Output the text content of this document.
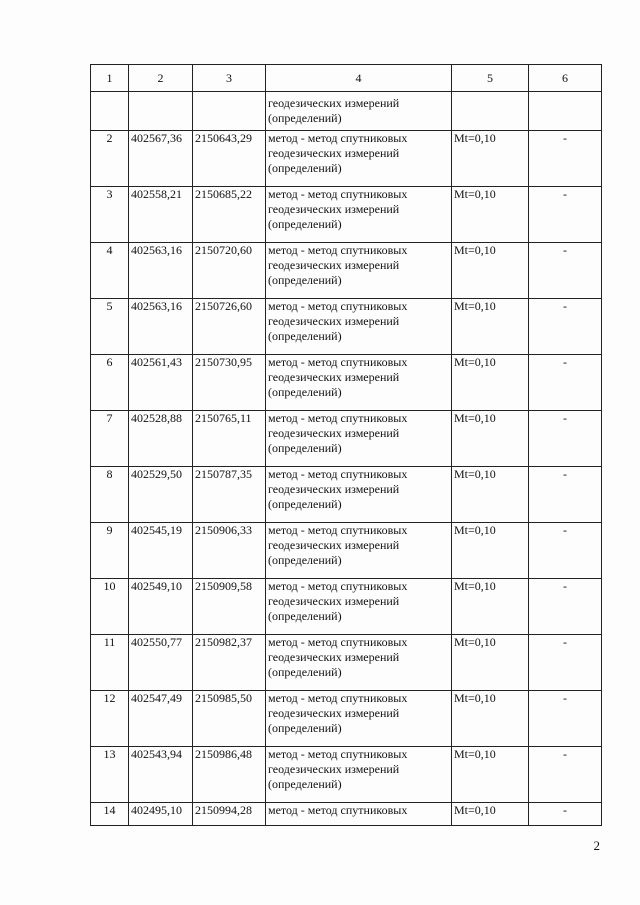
1	2	3	4	5	6
			геодезических измерений (определений)		
2	402567,36	2150643,29	метод - метод спутниковых геодезических измерений (определений)	Mt=0,10	-
3	402558,21	2150685,22	метод - метод спутниковых геодезических измерений (определений)	Mt=0,10	-
4	402563,16	2150720,60	метод - метод спутниковых геодезических измерений (определений)	Mt=0,10	-
5	402563,16	2150726,60	метод - метод спутниковых геодезических измерений (определений)	Mt=0,10	-
6	402561,43	2150730,95	метод - метод спутниковых геодезических измерений (определений)	Mt=0,10	-
7	402528,88	2150765,11	метод - метод спутниковых геодезических измерений (определений)	Mt=0,10	-
8	402529,50	2150787,35	метод - метод спутниковых геодезических измерений (определений)	Mt=0,10	-
9	402545,19	2150906,33	метод - метод спутниковых геодезических измерений (определений)	Mt=0,10	-
10	402549,10	2150909,58	метод - метод спутниковых геодезических измерений (определений)	Mt=0,10	-
11	402550,77	2150982,37	метод - метод спутниковых геодезических измерений (определений)	Mt=0,10	-
12	402547,49	2150985,50	метод - метод спутниковых геодезических измерений (определений)	Mt=0,10	-
13	402543,94	2150986,48	метод - метод спутниковых геодезических измерений (определений)	Mt=0,10	-
14	402495,10	2150994,28	метод - метод спутниковых	Mt=0,10	-
2
